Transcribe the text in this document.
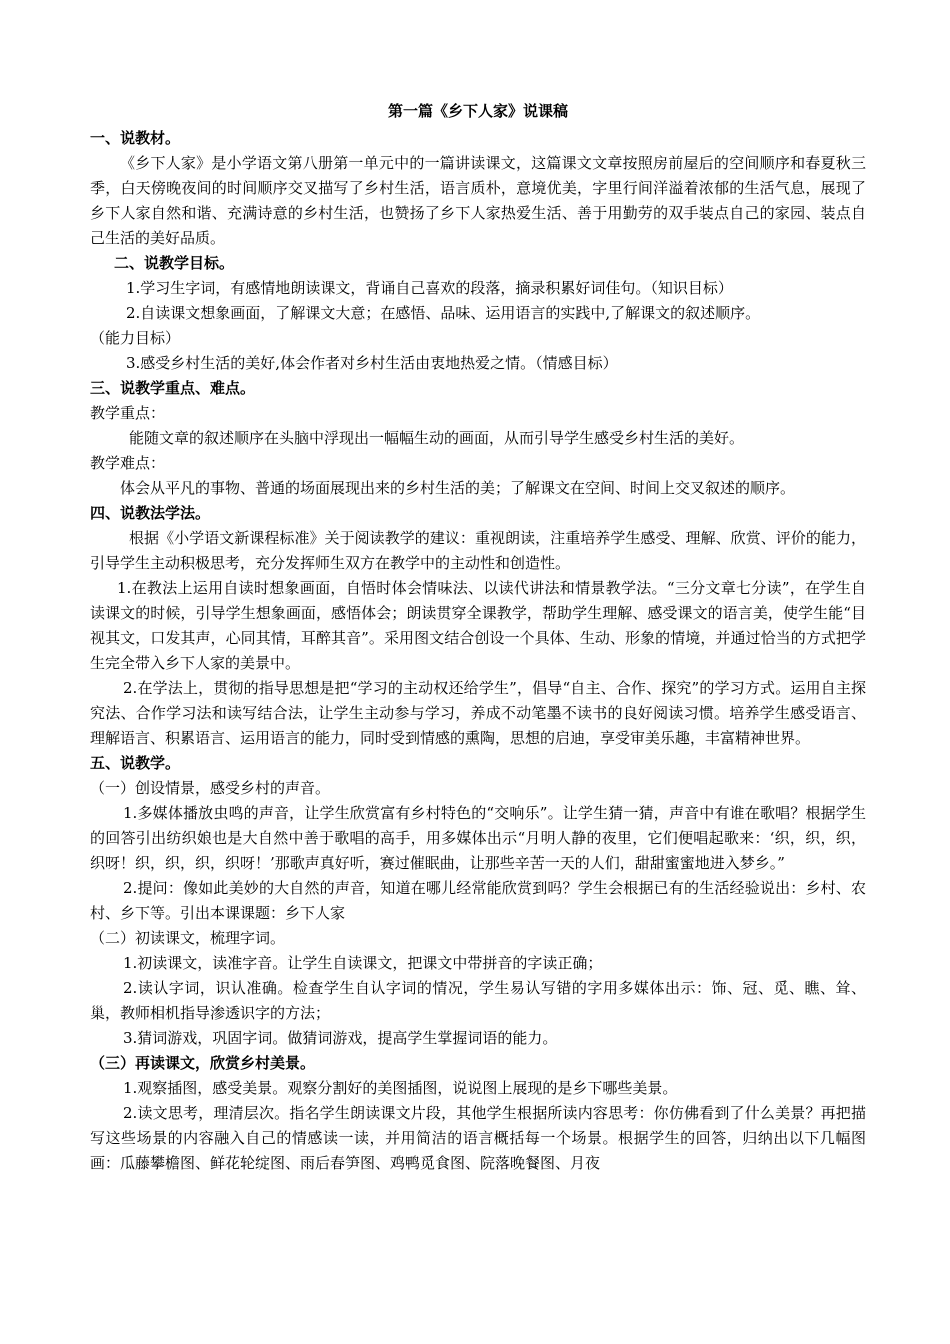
第一篇《乡下人家》说课稿
一、说教材。
《乡下人家》是小学语文第八册第一单元中的一篇讲读课文，这篇课文文章按照房前屋后的空间顺序和春夏秋三季，白天傍晚夜间的时间顺序交叉描写了乡村生活，语言质朴，意境优美，字里行间洋溢着浓郁的生活气息，展现了乡下人家自然和谐、充满诗意的乡村生活，也赞扬了乡下人家热爱生活、善于用勤劳的双手装点自己的家园、装点自己生活的美好品质。
二、说教学目标。
1.学习生字词，有感情地朗读课文，背诵自己喜欢的段落，摘录积累好词佳句。（知识目标）
2.自读课文想象画面，了解课文大意；在感悟、品味、运用语言的实践中,了解课文的叙述顺序。
（能力目标）
3.感受乡村生活的美好,体会作者对乡村生活由衷地热爱之情。（情感目标）
三、说教学重点、难点。
教学重点：
能随文章的叙述顺序在头脑中浮现出一幅幅生动的画面，从而引导学生感受乡村生活的美好。
教学难点：
体会从平凡的事物、普通的场面展现出来的乡村生活的美；了解课文在空间、时间上交叉叙述的顺序。
四、说教法学法。
根据《小学语文新课程标准》关于阅读教学的建议：重视朗读，注重培养学生感受、理解、欣赏、评价的能力，引导学生主动积极思考，充分发挥师生双方在教学中的主动性和创造性。
1.在教法上运用自读时想象画面，自悟时体会情味法、以读代讲法和情景教学法。“三分文章七分读”，在学生自读课文的时候，引导学生想象画面，感悟体会；朗读贯穿全课教学，帮助学生理解、感受课文的语言美，使学生能“目视其文，口发其声，心同其情，耳醉其音”。采用图文结合创设一个具体、生动、形象的情境，并通过恰当的方式把学生完全带入乡下人家的美景中。
2.在学法上，贯彻的指导思想是把“学习的主动权还给学生”，倡导“自主、合作、探究”的学习方式。运用自主探究法、合作学习法和读写结合法，让学生主动参与学习，养成不动笔墨不读书的良好阅读习惯。培养学生感受语言、理解语言、积累语言、运用语言的能力，同时受到情感的熏陶，思想的启迪，享受审美乐趣，丰富精神世界。
五、说教学。
（一）创设情景，感受乡村的声音。
1.多媒体播放虫鸣的声音，让学生欣赏富有乡村特色的“交响乐”。让学生猜一猜，声音中有谁在歌唱？根据学生的回答引出纺织娘也是大自然中善于歌唱的高手，用多媒体出示“月明人静的夜里，它们便唱起歌来：‘织，织，织，织呀！织，织，织，织呀！’那歌声真好听，赛过催眠曲，让那些辛苦一天的人们，甜甜蜜蜜地进入梦乡。”
2.提问：像如此美妙的大自然的声音，知道在哪儿经常能欣赏到吗？学生会根据已有的生活经验说出：乡村、农村、乡下等。引出本课课题：乡下人家
（二）初读课文，梳理字词。
1.初读课文，读准字音。让学生自读课文，把课文中带拼音的字读正确；
2.读认字词，识认准确。检查学生自认字词的情况，学生易认写错的字用多媒体出示：饰、冠、觅、瞧、耸、巢，教师相机指导渗透识字的方法；
3.猜词游戏，巩固字词。做猜词游戏，提高学生掌握词语的能力。
（三）再读课文，欣赏乡村美景。
1.观察插图，感受美景。观察分割好的美图插图，说说图上展现的是乡下哪些美景。
2.读文思考，理清层次。指名学生朗读课文片段，其他学生根据所读内容思考：你仿佛看到了什么美景？再把描写这些场景的内容融入自己的情感读一读，并用简洁的语言概括每一个场景。根据学生的回答，归纳出以下几幅图画：瓜藤攀檐图、鲜花轮绽图、雨后春笋图、鸡鸭觅食图、院落晚餐图、月夜
